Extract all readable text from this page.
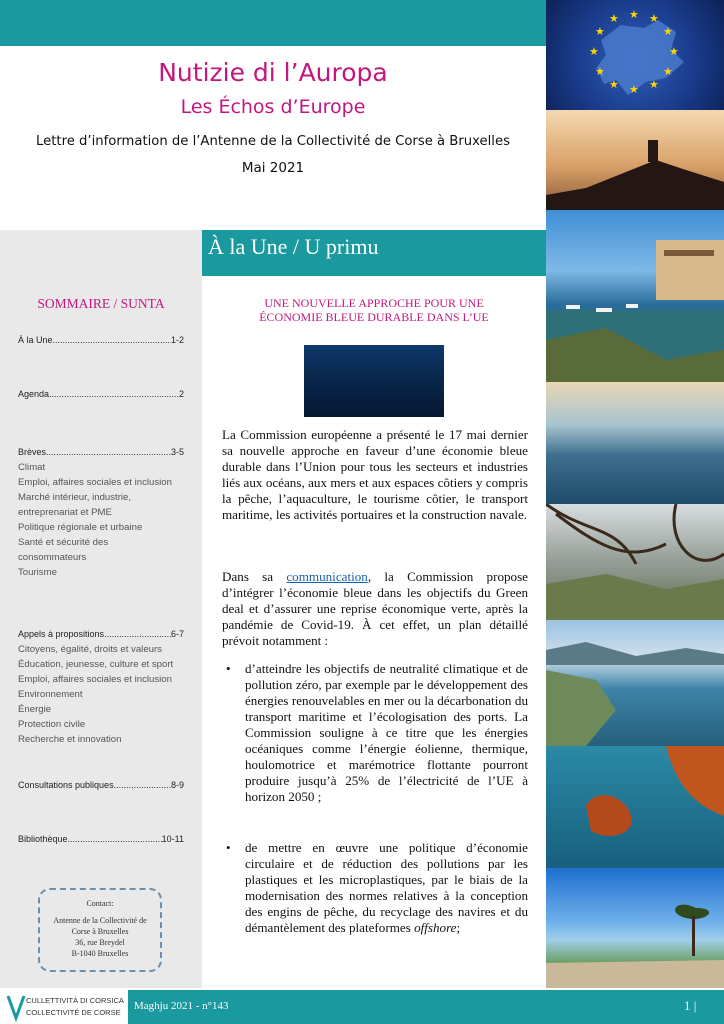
Nutizie di l’Auropa
Les Échos d’Europe
Lettre d’information de l’Antenne de la Collectivité de Corse à Bruxelles
Mai 2021
★ ★
★
★
★
★
★
★
★
★
★
★
SOMMAIRE / SUNTA
À la Une .....	1-2
Agenda .....	2
Brèves .....	3-5
Climat
Emploi, affaires sociales et inclusion
Marché intérieur, industrie,
entreprenariat et PME
Politique régionale et urbaine
Santé et sécurité des
consommateurs
Tourisme
Appels à propositions .....	6-7
Citoyens, égalité, droits et valeurs
Éducation, jeunesse, culture et sport
Emploi, affaires sociales et inclusion
Environnement
Énergie
Protection civile
Recherche et innovation
Consultations publiques .....	8-9
Bibliothèque .....	10-11
Contact:
Antenne de la Collectivité de
Corse à Bruxelles
36, rue Breydel
B-1040 Bruxelles
À la Une / U primu
UNE NOUVELLE APPROCHE POUR UNE
ÉCONOMIE BLEUE DURABLE DANS L’UE
La Commission européenne a présenté le 17 mai dernier sa nouvelle approche en faveur d’une économie bleue durable dans l’Union pour tous les secteurs et industries liés aux océans, aux mers et aux espaces côtiers y compris la pêche, l’aquaculture, le tourisme côtier, le transport maritime, les activités portuaires et la construction navale.
Dans sa communication, la Commission propose d’intégrer l’économie bleue dans les objectifs du Green deal et d’assurer une reprise économique verte, après la pandémie de Covid-19. À cet effet, un plan détaillé prévoit notamment :
• d’atteindre les objectifs de neutralité climatique et de pollution zéro, par exemple par le développement des énergies renouvelables en mer ou la décarbonation du transport maritime et l’écologisation des ports. La Commission souligne à ce titre que les énergies océaniques comme l’énergie éolienne, thermique, houlomotrice et marémotrice flottante pourront produire jusqu’à 25% de l’électricité de l’UE à horizon 2050 ;
• de mettre en œuvre une politique d’économie circulaire et de réduction des pollutions par les plastiques et les microplastiques, par le biais de la modernisation des normes relatives à la conception des engins de pêche, du recyclage des navires et du démantèlement des plateformes offshore;
Maghju 2021 - n°143	1 |
CULLETTIVITÀ DI CORSICA
COLLECTIVITÉ DE CORSE
